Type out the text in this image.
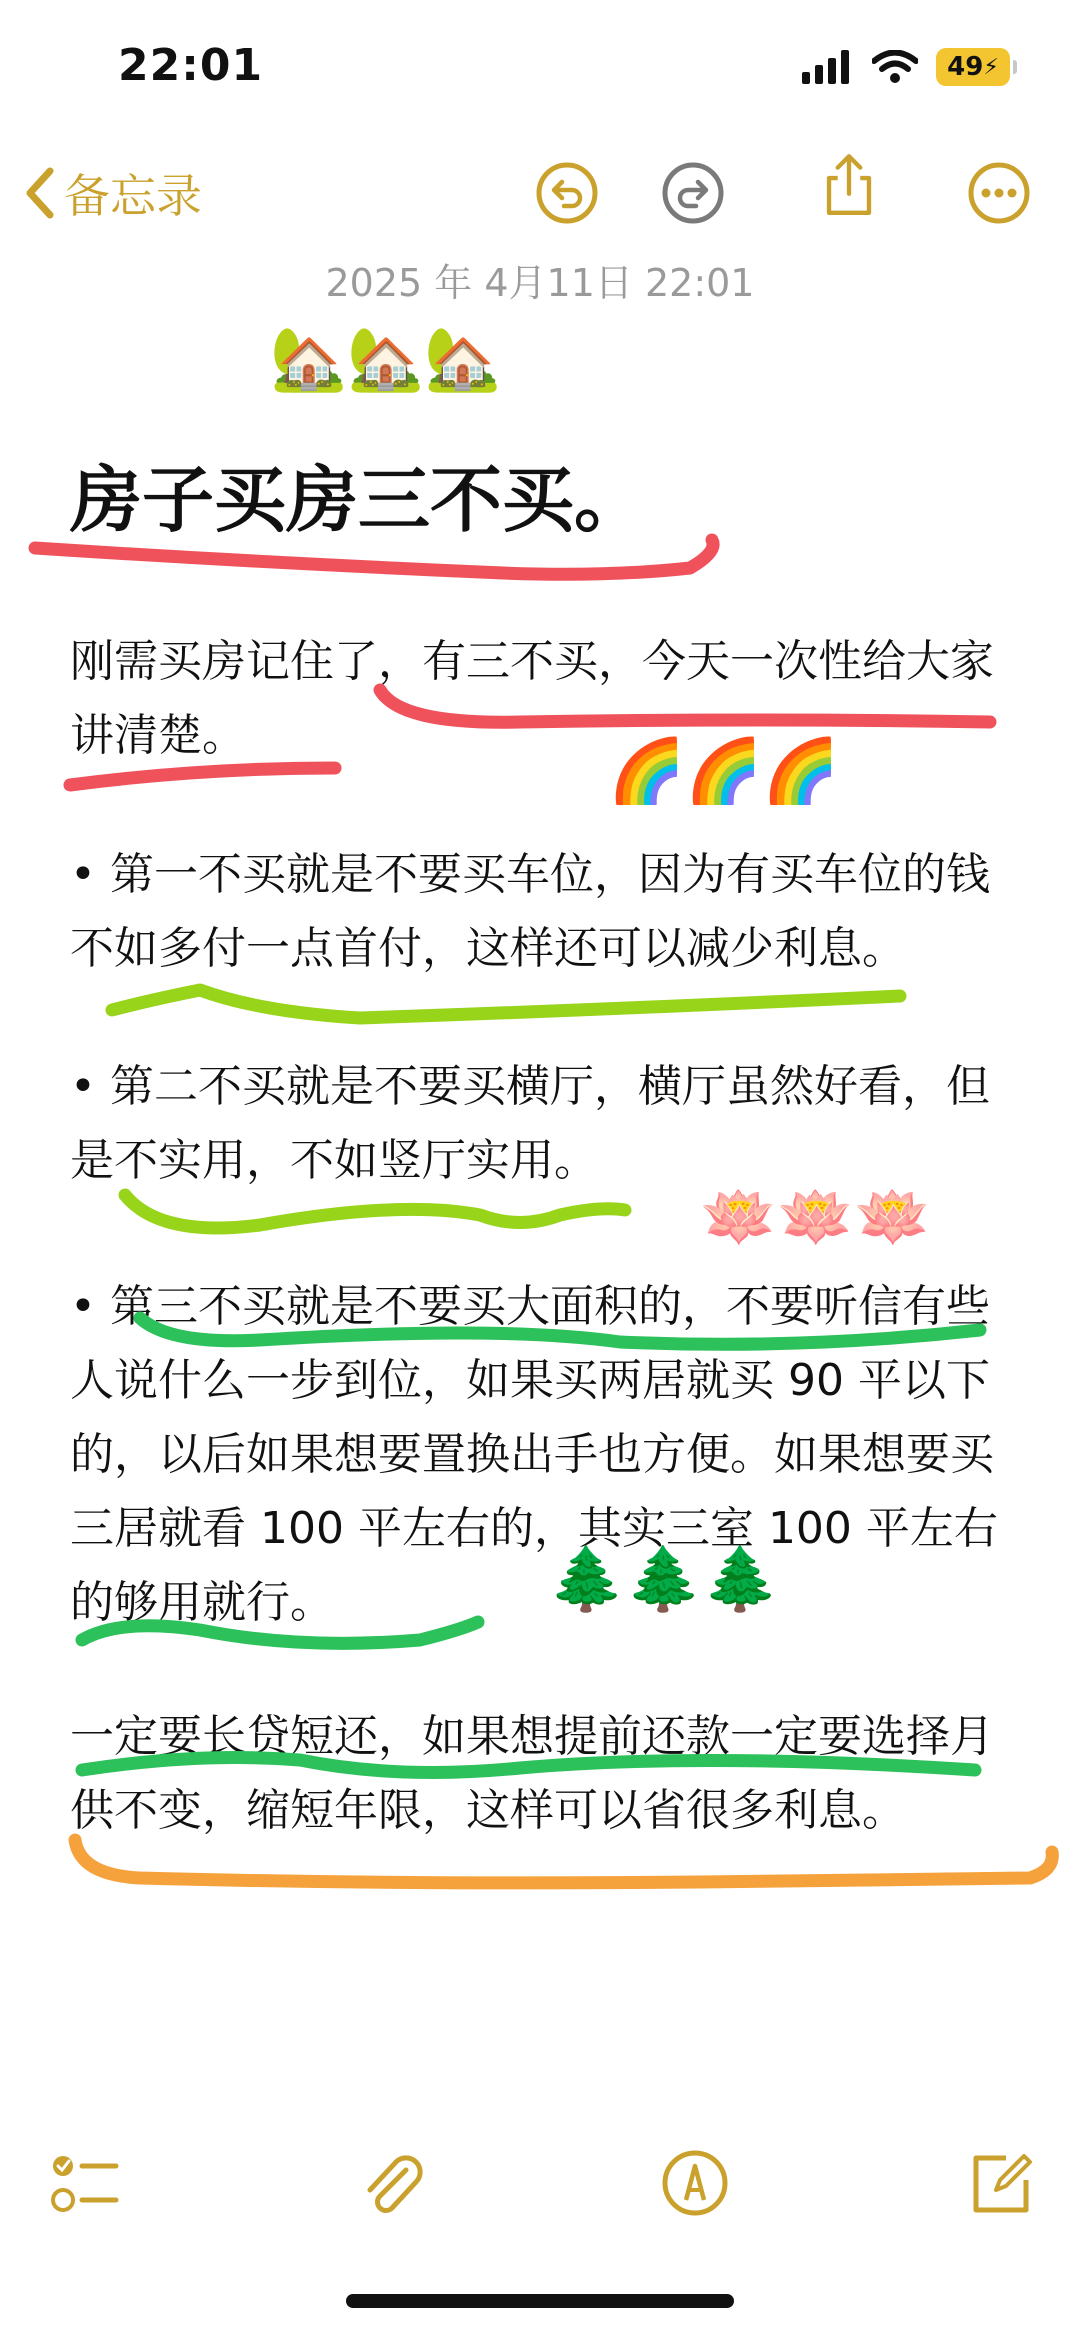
22:01	49 ⚡
备忘录
2025 年 4月11日 22:01
🏡🏡🏡
房子买房三不买。

刚需买房记住了，有三不买，今天一次性给大家讲清楚。	🌈🌈🌈

• 第一不买就是不要买车位，因为有买车位的钱不如多付一点首付，这样还可以减少利息。

• 第二不买就是不要买横厅，横厅虽然好看，但是不实用，不如竖厅实用。

🪷🪷🪷

• 第三不买就是不要买大面积的，不要听信有些人说什么一步到位，如果买两居就买 90 平以下的，以后如果想要置换出手也方便。如果想要买三居就看 100 平左右的，其实三室 100 平左右的够用就行。	🌲🌲🌲

一定要长贷短还，如果想提前还款一定要选择月供不变，缩短年限，这样可以省很多利息。
